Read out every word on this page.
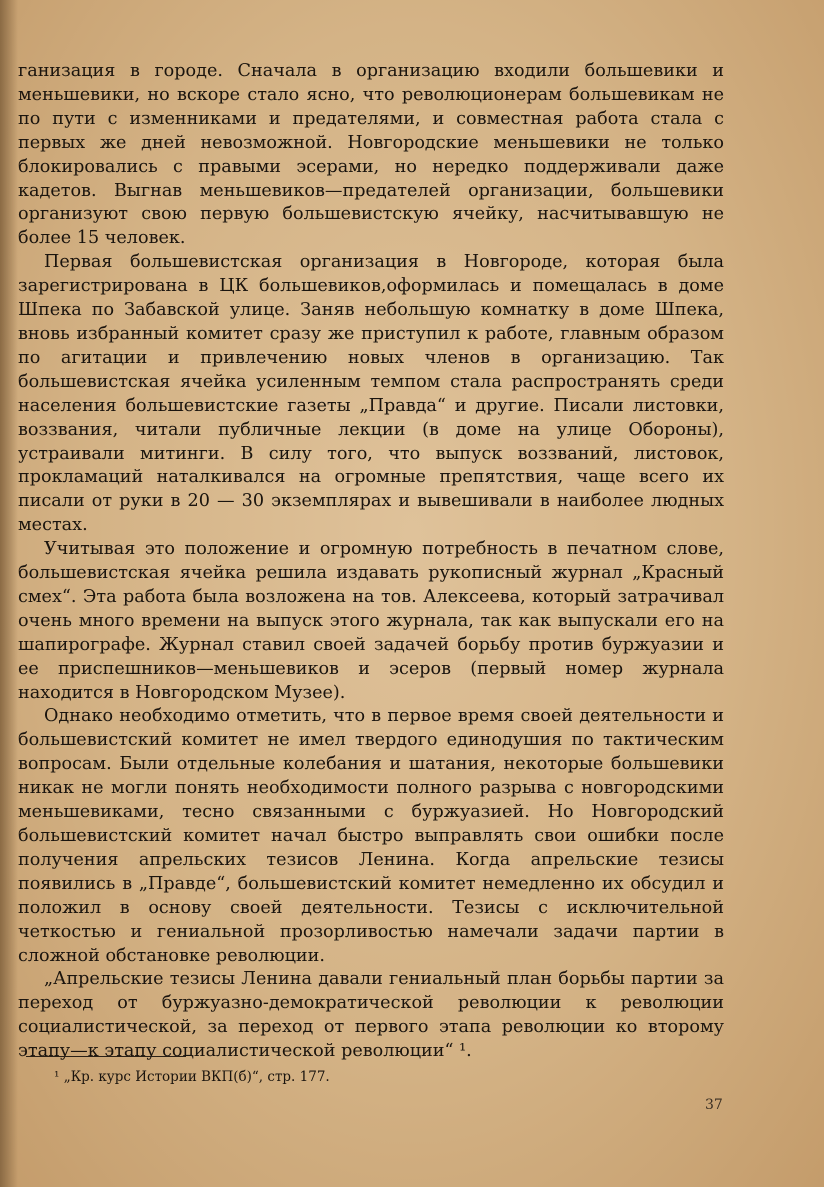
ганизация в городе. Сначала в организацию входили большевики и меньшевики, но вскоре стало ясно, что революционерам большевикам не по пути с изменниками и предателями, и совместная работа стала с первых же дней невозможной. Новгородские меньшевики не только блокировались с правыми эсерами, но нередко поддерживали даже кадетов. Выгнав меньшевиков—предателей организации, большевики организуют свою первую большевистскую ячейку, насчитывавшую не более 15 человек.

Первая большевистская организация в Новгороде, которая была зарегистрирована в ЦК большевиков,оформилась и помещалась в доме Шпека по Забавской улице. Заняв небольшую комнатку в доме Шпека, вновь избранный комитет сразу же приступил к работе, главным образом по агитации и привлечению новых членов в организацию. Так большевистская ячейка усиленным темпом стала распространять среди населения большевистские газеты „Правда“ и другие. Писали листовки, воззвания, читали публичные лекции (в доме на улице Обороны), устраивали митинги. В силу того, что выпуск воззваний, листовок, прокламаций наталкивался на огромные препятствия, чаще всего их писали от руки в 20 — 30 экземплярах и вывешивали в наиболее людных местах.

Учитывая это положение и огромную потребность в печатном слове, большевистская ячейка решила издавать рукописный журнал „Красный смех“. Эта работа была возложена на тов. Алексеева, который затрачивал очень много времени на выпуск этого журнала, так как выпускали его на шапирографе. Журнал ставил своей задачей борьбу против буржуазии и ее приспешников—меньшевиков и эсеров (первый номер журнала находится в Новгородском Музее).

Однако необходимо отметить, что в первое время своей деятельности и большевистский комитет не имел твердого единодушия по тактическим вопросам. Были отдельные колебания и шатания, некоторые большевики никак не могли понять необходимости полного разрыва с новгородскими меньшевиками, тесно связанными с буржуазией. Но Новгородский большевистский комитет начал быстро выправлять свои ошибки после получения апрельских тезисов Ленина. Когда апрельские тезисы появились в „Правде“, большевистский комитет немедленно их обсудил и положил в основу своей деятельности. Тезисы с исключительной четкостью и гениальной прозорливостью намечали задачи партии в сложной обстановке революции.

„Апрельские тезисы Ленина давали гениальный план борьбы партии за переход от буржуазно-демократической революции к революции социалистической, за переход от первого этапа революции ко второму этапу—к этапу социалистической революции“ ¹.

¹ „Кр. курс Истории ВКП(б)“, стр. 177.
37
